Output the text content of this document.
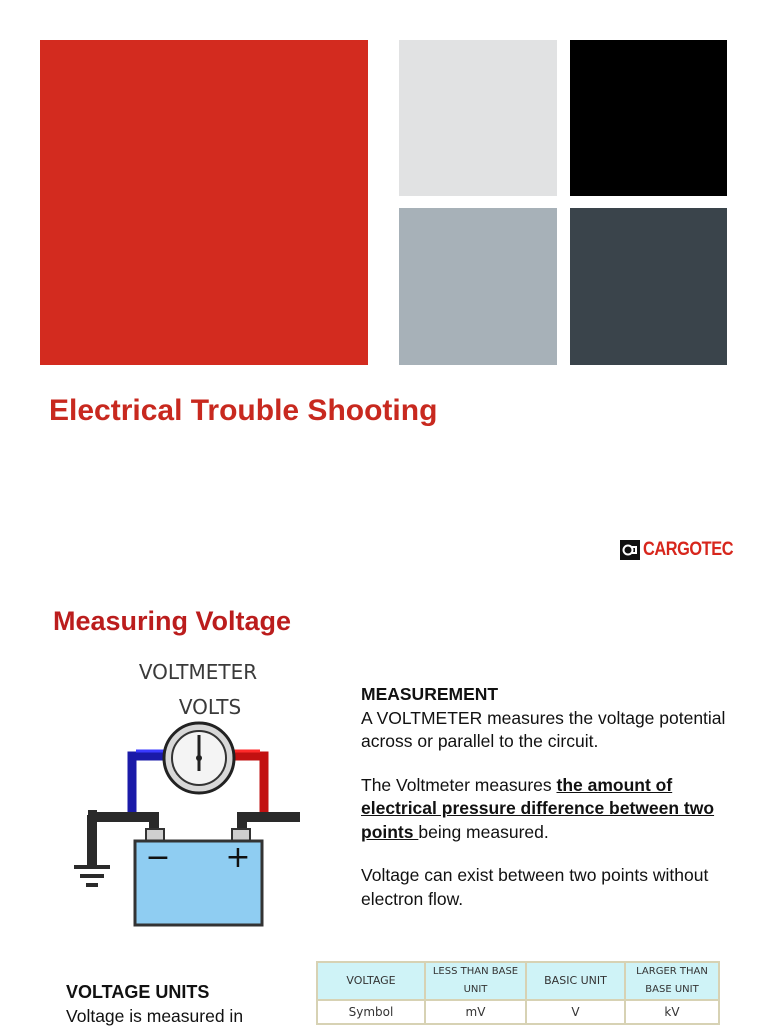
Electrical Trouble Shooting
CARGOTEC
Measuring Voltage
VOLTMETER
VOLTS
− +

MEASUREMENT

A VOLTMETER measures the voltage potential across or parallel to the circuit.

The Voltmeter measures the amount of electrical pressure difference between two points being measured.

Voltage can exist between two points without electron flow.

VOLTAGE UNITS
Voltage is measured in
VOLTAGE	LESS THAN BASE UNIT	BASIC UNIT	LARGER THAN BASE UNIT
Symbol	mV	V	kV
